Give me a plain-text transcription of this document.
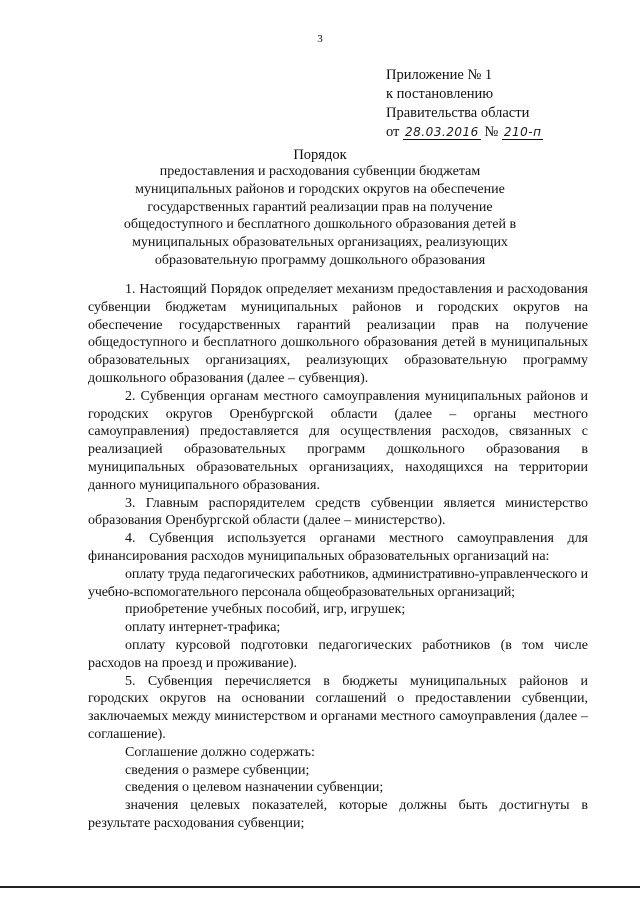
3
Приложение № 1
к постановлению
Правительства области
от 28.03.2016 № 210-п
Порядок
предоставления и расходования субвенции бюджетам муниципальных районов и городских округов на обеспечение государственных гарантий реализации прав на получение общедоступного и бесплатного дошкольного образования детей в муниципальных образовательных организациях, реализующих образовательную программу дошкольного образования

1. Настоящий Порядок определяет механизм предоставления и расходования субвенции бюджетам муниципальных районов и городских округов на обеспечение государственных гарантий реализации прав на получение общедоступного и бесплатного дошкольного образования детей в муниципальных образовательных организациях, реализующих образовательную программу дошкольного образования (далее – субвенция).

2. Субвенция органам местного самоуправления муниципальных районов и городских округов Оренбургской области (далее – органы местного самоуправления) предоставляется для осуществления расходов, связанных с реализацией образовательных программ дошкольного образования в муниципальных образовательных организациях, находящихся на территории данного муниципального образования.

3. Главным распорядителем средств субвенции является министерство образования Оренбургской области (далее – министерство).

4. Субвенция используется органами местного самоуправления для финансирования расходов муниципальных образовательных организаций на:

оплату труда педагогических работников, административно-управленческого и учебно-вспомогательного персонала общеобразовательных организаций;

приобретение учебных пособий, игр, игрушек;

оплату интернет-трафика;

оплату курсовой подготовки педагогических работников (в том числе расходов на проезд и проживание).

5. Субвенция перечисляется в бюджеты муниципальных районов и городских округов на основании соглашений о предоставлении субвенции, заключаемых между министерством и органами местного самоуправления (далее – соглашение).

Соглашение должно содержать:

сведения о размере субвенции;

сведения о целевом назначении субвенции;

значения целевых показателей, которые должны быть достигнуты в результате расходования субвенции;
